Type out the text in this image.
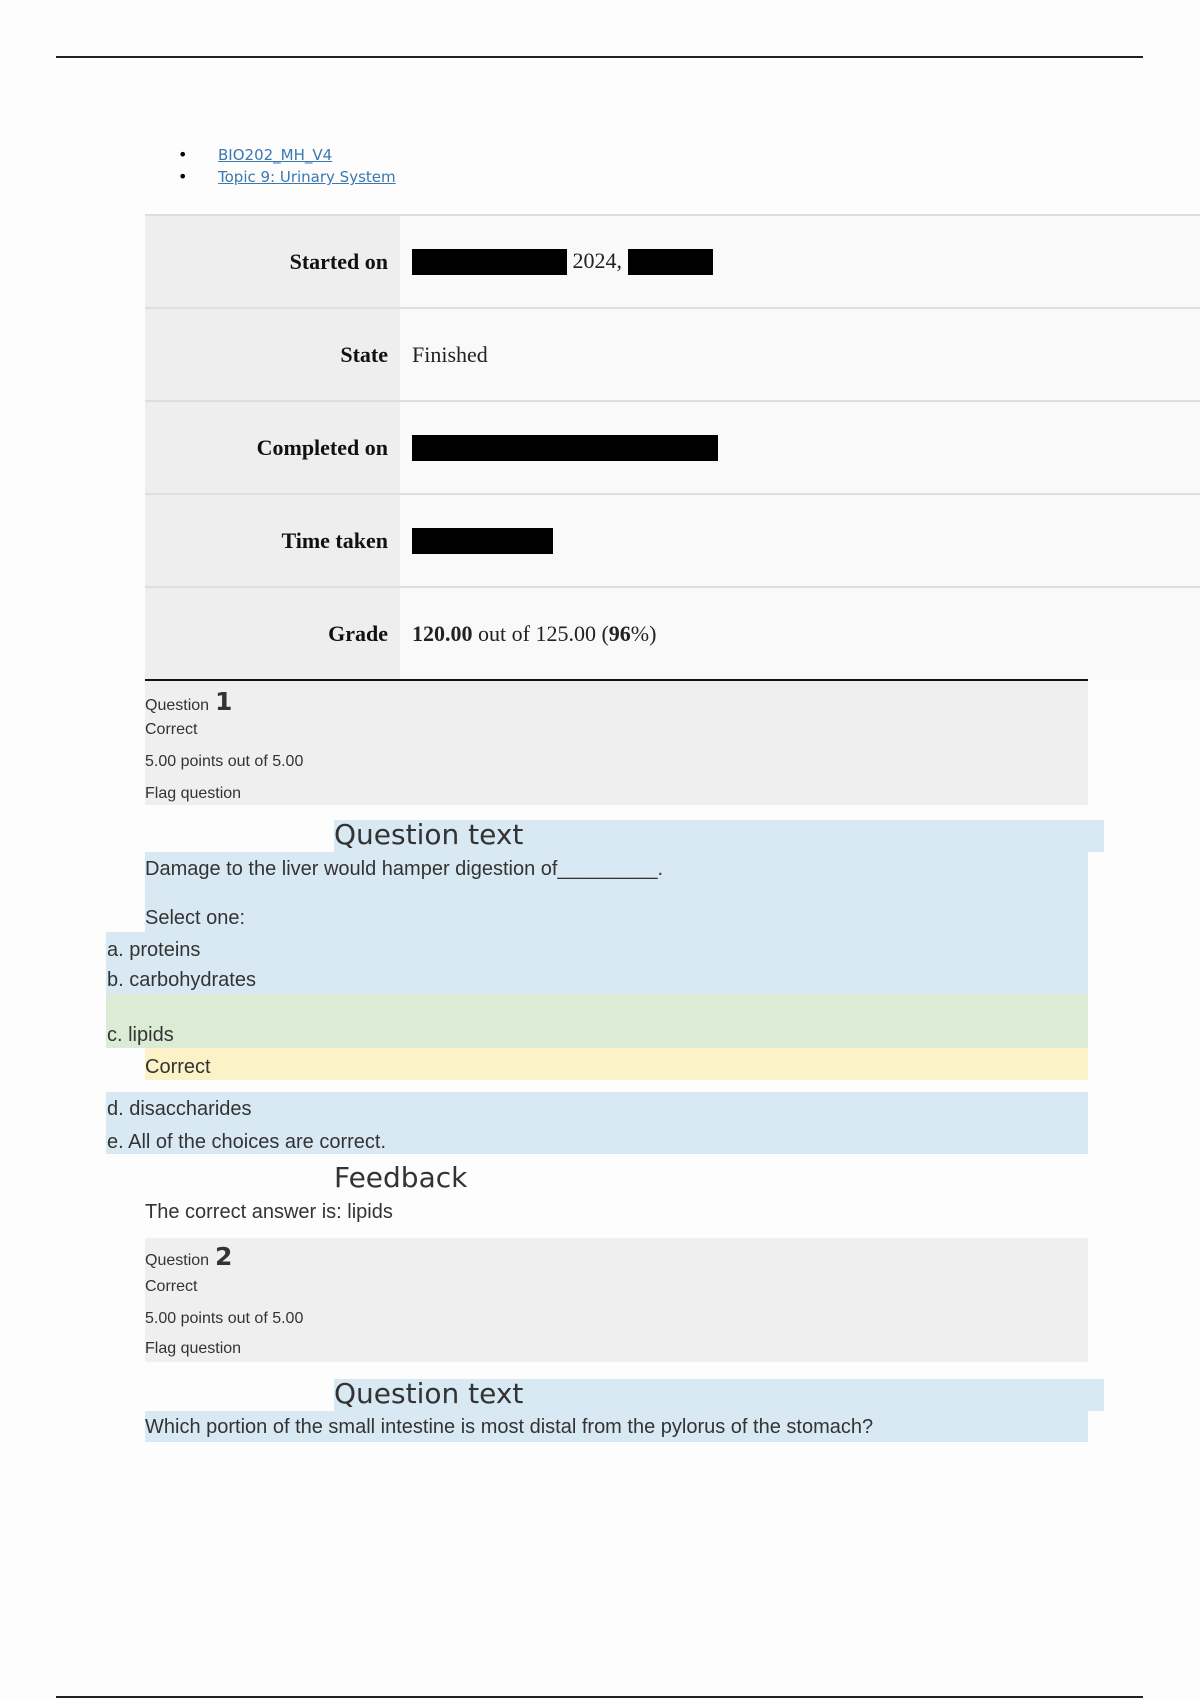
• BIO202_MH_V4
• Topic 9: Urinary System
Started on	2024,
State	Finished
Completed on	
Time taken	
Grade	120.00 out of 125.00 (96%)
Question 1
Correct
5.00 points out of 5.00
Flag question
Question text
Damage to the liver would hamper digestion of_________.
Select one:
a. proteins
b. carbohydrates
c. lipids
Correct
d. disaccharides
e. All of the choices are correct.
Feedback
The correct answer is: lipids
Question 2
Correct
5.00 points out of 5.00
Flag question
Question text
Which portion of the small intestine is most distal from the pylorus of the stomach?
